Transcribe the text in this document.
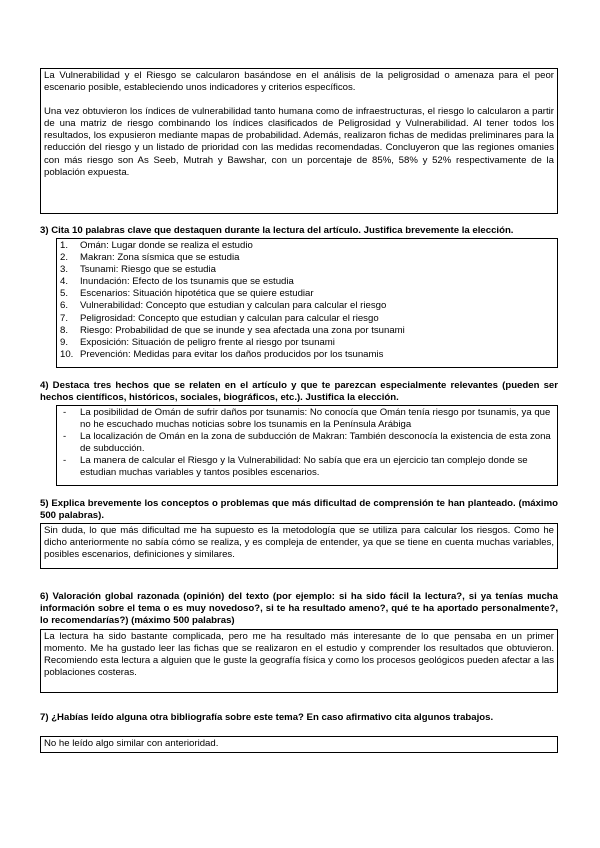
La Vulnerabilidad y el Riesgo se calcularon basándose en el análisis de la peligrosidad o amenaza para el peor escenario posible, estableciendo unos indicadores y criterios específicos.

Una vez obtuvieron los índices de vulnerabilidad tanto humana como de infraestructuras, el riesgo lo calcularon a partir de una matriz de riesgo combinando los índices clasificados de Peligrosidad y Vulnerabilidad. Al tener todos los resultados, los expusieron mediante mapas de probabilidad. Además, realizaron fichas de medidas preliminares para la reducción del riesgo y un listado de prioridad con las medidas recomendadas. Concluyeron que las regiones omanies con más riesgo son As Seeb, Mutrah y Bawshar, con un porcentaje de 85%, 58% y 52% respectivamente de la población expuesta.

3) Cita 10 palabras clave que destaquen durante la lectura del artículo. Justifica brevemente la elección.

1.	Omán: Lugar donde se realiza el estudio
2.	Makran: Zona sísmica que se estudia
3.	Tsunami: Riesgo que se estudia
4.	Inundación: Efecto de los tsunamis que se estudia
5.	Escenarios: Situación hipotética que se quiere estudiar
6.	Vulnerabilidad: Concepto que estudian y calculan para calcular el riesgo
7.	Peligrosidad: Concepto que estudian y calculan para calcular el riesgo
8.	Riesgo: Probabilidad de que se inunde y sea afectada una zona por tsunami
9.	Exposición: Situación de peligro frente al riesgo por tsunami
10. Prevención: Medidas para evitar los daños producidos por los tsunamis

4) Destaca tres hechos que se relaten en el artículo y que te parezcan especialmente relevantes (pueden ser hechos científicos, históricos, sociales, biográficos, etc.). Justifica la elección.

-	La posibilidad de Omán de sufrir daños por tsunamis: No conocía que Omán tenía riesgo por tsunamis, ya que no he escuchado muchas noticias sobre los tsunamis en la Península Arábiga
-	La localización de Omán en la zona de subducción de Makran: También desconocía la existencia de esta zona de subducción.
-	La manera de calcular el Riesgo y la Vulnerabilidad: No sabía que era un ejercicio tan complejo donde se estudian muchas variables y tantos posibles escenarios.

5) Explica brevemente los conceptos o problemas que más dificultad de comprensión te han planteado. (máximo 500 palabras).

Sin duda, lo que más dificultad me ha supuesto es la metodología que se utiliza para calcular los riesgos. Como he dicho anteriormente no sabía cómo se realiza, y es compleja de entender, ya que se tiene en cuenta muchas variables, posibles escenarios, definiciones y similares.

6) Valoración global razonada (opinión) del texto (por ejemplo: si ha sido fácil la lectura?, si ya tenías mucha información sobre el tema o es muy novedoso?, si te ha resultado ameno?, qué te ha aportado personalmente?, lo recomendarías?) (máximo 500 palabras)

La lectura ha sido bastante complicada, pero me ha resultado más interesante de lo que pensaba en un primer momento. Me ha gustado leer las fichas que se realizaron en el estudio y comprender los resultados que obtuvieron. Recomiendo esta lectura a alguien que le guste la geografía física y como los procesos geológicos pueden afectar a las poblaciones costeras.

7) ¿Habías leído alguna otra bibliografía sobre este tema? En caso afirmativo cita algunos trabajos.

No he leído algo similar con anterioridad.
